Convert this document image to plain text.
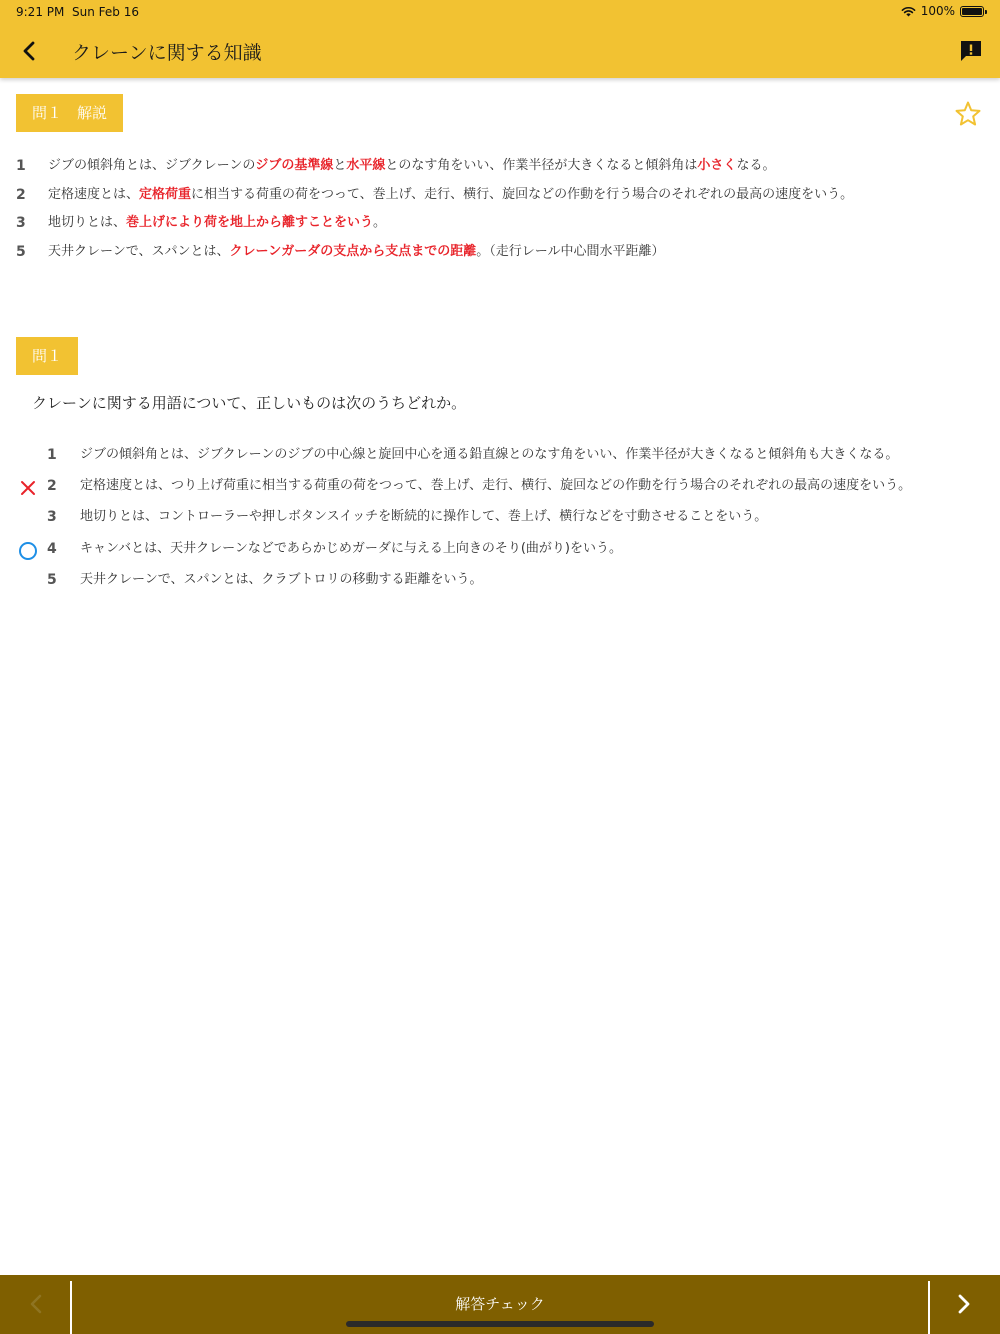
9:21 PM Sun Feb 16	100%
クレーンに関する知識
問１　解説
1	ジブの傾斜角とは、ジブクレーンのジブの基準線と水平線とのなす角をいい、作業半径が大きくなると傾斜角は小さくなる。
2	定格速度とは、定格荷重に相当する荷重の荷をつって、巻上げ、走行、横行、旋回などの作動を行う場合のそれぞれの最高の速度をいう。
3	地切りとは、巻上げにより荷を地上から離すことをいう。
5	天井クレーンで、スパンとは、クレーンガーダの支点から支点までの距離。（走行レール中心間水平距離）
問１
クレーンに関する用語について、正しいものは次のうちどれか。
1 ジブの傾斜角とは、ジブクレーンのジブの中心線と旋回中心を通る鉛直線とのなす角をいい、作業半径が大きくなると傾斜角も大きくなる。
2 定格速度とは、つり上げ荷重に相当する荷重の荷をつって、巻上げ、走行、横行、旋回などの作動を行う場合のそれぞれの最高の速度をいう。
3 地切りとは、コントローラーや押しボタンスイッチを断続的に操作して、巻上げ、横行などを寸動させることをいう。
4 キャンバとは、天井クレーンなどであらかじめガーダに与える上向きのそり(曲がり)をいう。
5 天井クレーンで、スパンとは、クラブトロリの移動する距離をいう。
解答チェック
